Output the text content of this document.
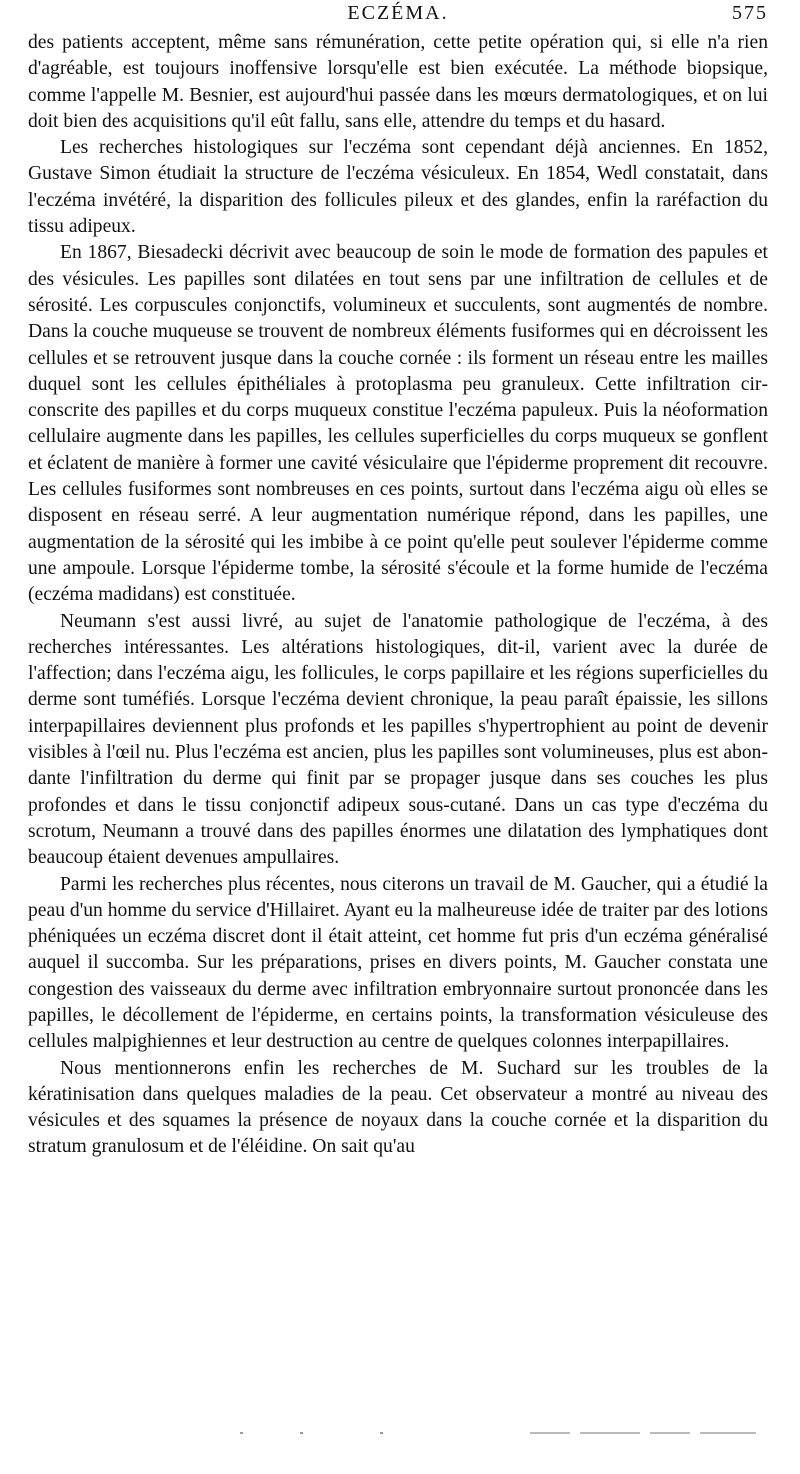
ECZÉMA.	575

des patients acceptent, même sans rémunération, cette petite opération qui, si elle n'a rien d'agréable, est toujours inoffensive lorsqu'elle est bien exécutée. La méthode biopsique, comme l'appelle M. Besnier, est aujourd'hui passée dans les mœurs dermatologiques, et on lui doit bien des acquisitions qu'il eût fallu, sans elle, attendre du temps et du hasard.

Les recherches histologiques sur l'eczéma sont cependant déjà anciennes. En 1852, Gustave Simon étudiait la structure de l'eczéma vésiculeux. En 1854, Wedl constatait, dans l'eczéma invétéré, la disparition des follicules pileux et des glandes, enfin la raréfaction du tissu adipeux.

En 1867, Biesadecki décrivit avec beaucoup de soin le mode de formation des papules et des vésicules. Les papilles sont dilatées en tout sens par une infiltration de cellules et de sérosité. Les corpuscules conjonctifs, volumineux et succulents, sont augmentés de nombre. Dans la couche muqueuse se trouvent de nombreux éléments fusiformes qui en décroissent les cellules et se retrouvent jusque dans la couche cornée : ils forment un réseau entre les mailles duquel sont les cellules épithéliales à protoplasma peu granuleux. Cette infiltration circonscrite des papilles et du corps muqueux constitue l'eczéma papuleux. Puis la néoformation cellulaire augmente dans les papilles, les cellules superficielles du corps muqueux se gonflent et éclatent de manière à former une cavité vésiculaire que l'épiderme proprement dit recouvre. Les cellules fusiformes sont nombreuses en ces points, surtout dans l'eczéma aigu où elles se disposent en réseau serré. A leur augmentation numérique répond, dans les papilles, une augmentation de la sérosité qui les imbibe à ce point qu'elle peut soulever l'épiderme comme une ampoule. Lorsque l'épiderme tombe, la sérosité s'écoule et la forme humide de l'eczéma (eczéma madidans) est constituée.

Neumann s'est aussi livré, au sujet de l'anatomie pathologique de l'eczéma, à des recherches intéressantes. Les altérations histologiques, dit-il, varient avec la durée de l'affection; dans l'eczéma aigu, les follicules, le corps papillaire et les régions superficielles du derme sont tuméfiés. Lorsque l'eczéma devient chronique, la peau paraît épaissie, les sillons interpapillaires deviennent plus profonds et les papilles s'hypertrophient au point de devenir visibles à l'œil nu. Plus l'eczéma est ancien, plus les papilles sont volumineuses, plus est abondante l'infiltration du derme qui finit par se propager jusque dans ses couches les plus profondes et dans le tissu conjonctif adipeux sous-cutané. Dans un cas type d'eczéma du scrotum, Neumann a trouvé dans des papilles énormes une dilatation des lymphatiques dont beaucoup étaient devenues ampullaires.

Parmi les recherches plus récentes, nous citerons un travail de M. Gaucher, qui a étudié la peau d'un homme du service d'Hillairet. Ayant eu la malheureuse idée de traiter par des lotions phéniquées un eczéma discret dont il était atteint, cet homme fut pris d'un eczéma généralisé auquel il succomba. Sur les préparations, prises en divers points, M. Gaucher constata une congestion des vaisseaux du derme avec infiltration embryonnaire surtout prononcée dans les papilles, le décollement de l'épiderme, en certains points, la transformation vésiculeuse des cellules malpighiennes et leur destruction au centre de quelques colonnes interpapillaires.

Nous mentionnerons enfin les recherches de M. Suchard sur les troubles de la kératinisation dans quelques maladies de la peau. Cet observateur a montré au niveau des vésicules et des squames la présence de noyaux dans la couche cornée et la disparition du stratum granulosum et de l'éléidine. On sait qu'au
